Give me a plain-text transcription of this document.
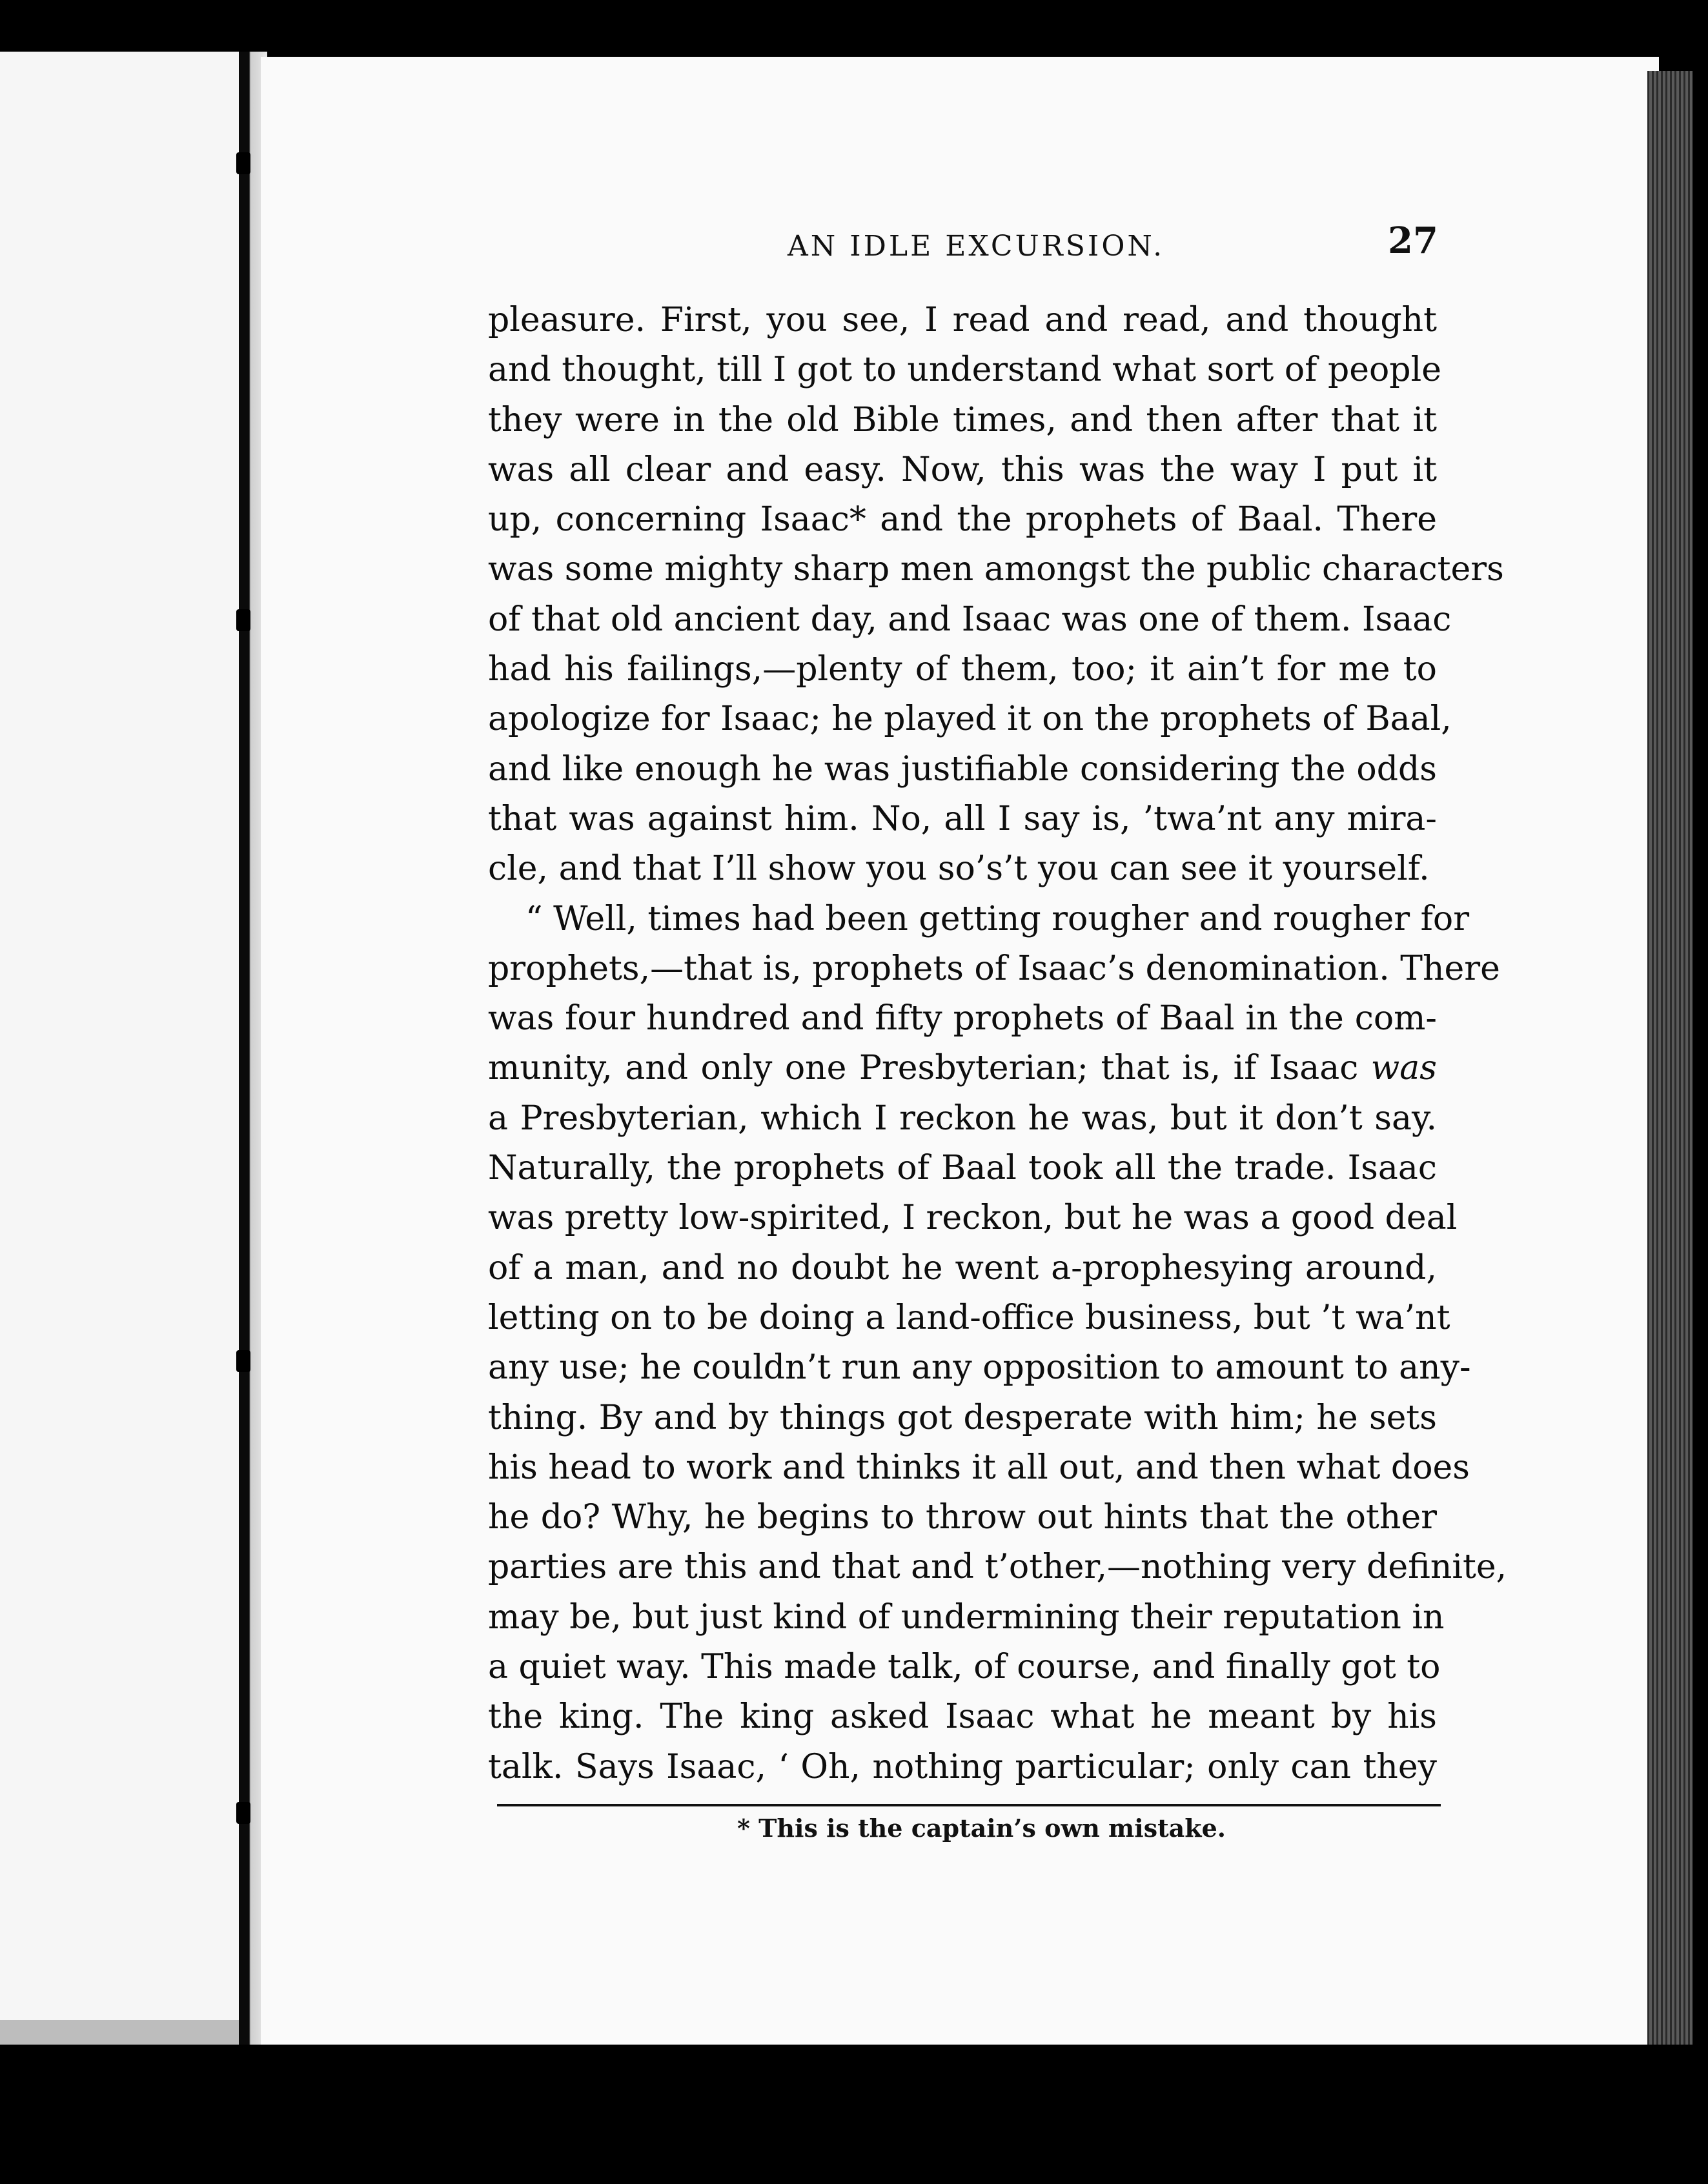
AN IDLE EXCURSION.	27
pleasure. First, you see, I read and read, and thought
and thought, till I got to understand what sort of people
they were in the old Bible times, and then after that it
was all clear and easy. Now, this was the way I put it
up, concerning Isaac* and the prophets of Baal. There
was some mighty sharp men amongst the public characters
of that old ancient day, and Isaac was one of them. Isaac
had his failings,—plenty of them, too; it ain’t for me to
apologize for Isaac; he played it on the prophets of Baal,
and like enough he was justifiable considering the odds
that was against him. No, all I say is, ’twa’nt any mira-
cle, and that I’ll show you so’s’t you can see it yourself.
“ Well, times had been getting rougher and rougher for
prophets,—that is, prophets of Isaac’s denomination. There
was four hundred and fifty prophets of Baal in the com-
munity, and only one Presbyterian; that is, if Isaac was
a Presbyterian, which I reckon he was, but it don’t say.
Naturally, the prophets of Baal took all the trade. Isaac
was pretty low-spirited, I reckon, but he was a good deal
of a man, and no doubt he went a-prophesying around,
letting on to be doing a land-office business, but ’t wa’nt
any use; he couldn’t run any opposition to amount to any-
thing. By and by things got desperate with him; he sets
his head to work and thinks it all out, and then what does
he do? Why, he begins to throw out hints that the other
parties are this and that and t’other,—nothing very definite,
may be, but just kind of undermining their reputation in
a quiet way. This made talk, of course, and finally got to
the king. The king asked Isaac what he meant by his
talk. Says Isaac, ‘ Oh, nothing particular; only can they
* This is the captain’s own mistake.
